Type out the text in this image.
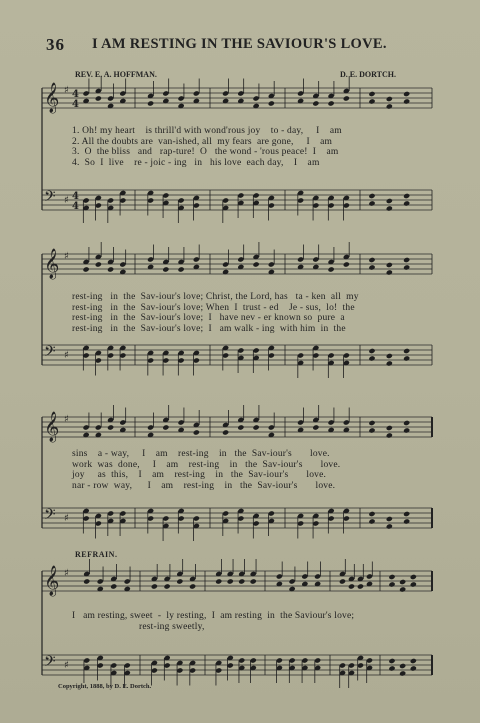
36 I AM RESTING IN THE SAVIOUR'S LOVE.
REV. E. A. HOFFMAN.	D. E. DORTCH.
𝄞 ♯
𝄢 ♯
4
4
4
4
1. Oh! my heart    is thrill'd with wond'rous joy    to - day,     I    am
2. All the doubts are  van-ished, all  my fears  are gone,     I    am
3.  O  the bliss   and   rap-ture!  O   the wond - 'rous peace!  I    am
4.  So  I  live    re - joic - ing   in   his love  each day,    I    am
𝄞 ♯
𝄢 ♯
rest-ing   in  the  Sav-iour's love; Christ, the Lord, has   ta - ken  all  my
rest-ing   in  the  Sav-iour's love; When  I  trust - ed    Je - sus,  lo!  the
rest-ing   in  the  Sav-iour's love;  I   have nev - er known so  pure  a
rest-ing   in  the  Sav-iour's love;  I   am walk - ing  with him  in  the
𝄞 ♯
𝄢 ♯
sins    a - way,     I    am    rest-ing    in   the  Sav-iour's       love.
work  was  done,     I    am    rest-ing    in   the  Sav-iour's       love.
joy     as  this,    I    am    rest-ing    in   the  Sav-iour's       love.
nar - row  way,      I    am    rest-ing    in   the  Sav-iour's       love.
REFRAIN.
𝄞 ♯
𝄢 ♯
I   am resting, sweet  -  ly resting,  I  am resting  in  the Saviour's love;
rest-ing sweetly,
Copyright, 1888, by D. E. Dortch.
